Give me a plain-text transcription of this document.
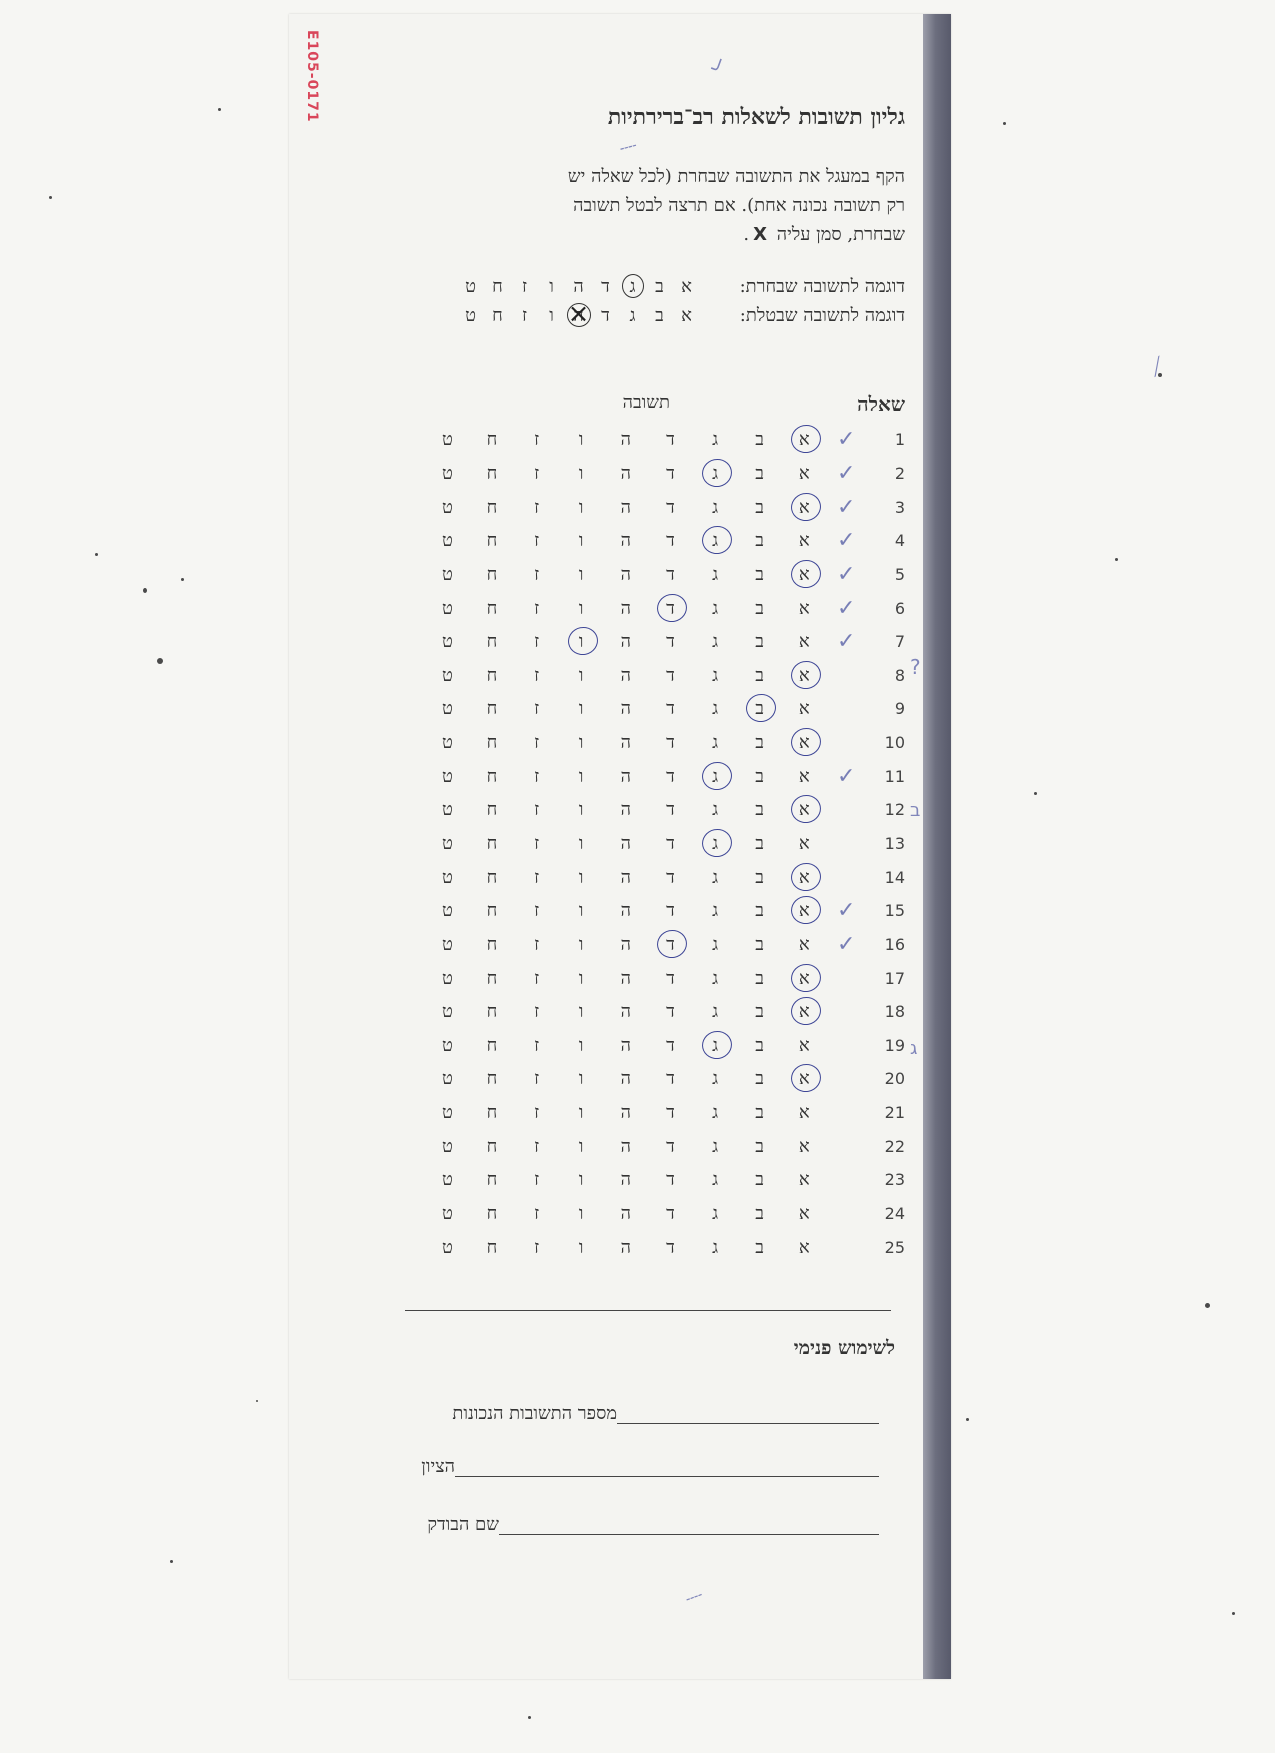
E105-0171	גליון תשובות לשאלות רב־ברירתיות
הקף במעגל את התשובה שבחרת (לכל שאלה יש
רק תשובה נכונה אחת). אם תרצה לבטל תשובה
שבחרת, סמן עליה X.
דוגמה לתשובה שבחרת:אבגדהוזחט
דוגמה לתשובה שבטלת:אבגדה ×וזחט
שאלה
תשובה
1
✓
א
ב
ג
ד
ה
ו
ז
ח
ט
2
✓
א
ב
ג
ד
ה
ו
ז
ח
ט
3
✓
א
ב
ג
ד
ה
ו
ז
ח
ט
4
✓
א
ב
ג
ד
ה
ו
ז
ח
ט
5
✓
א
ב
ג
ד
ה
ו
ז
ח
ט
6
✓
א
ב
ג
ד
ה
ו
ז
ח
ט
7
✓
א
ב
ג
ד
ה
ו
ז
ח
ט
8
א
ב
ג
ד
ה
ו
ז
ח
ט
9
א
ב
ג
ד
ה
ו
ז
ח
ט
10
א
ב
ג
ד
ה
ו
ז
ח
ט
11
✓
א
ב
ג
ד
ה
ו
ז
ח
ט
12
א
ב
ג
ד
ה
ו
ז
ח
ט
13
א
ב
ג
ד
ה
ו
ז
ח
ט
14
א
ב
ג
ד
ה
ו
ז
ח
ט
15
✓
א
ב
ג
ד
ה
ו
ז
ח
ט
16
✓
א
ב
ג
ד
ה
ו
ז
ח
ט
17
א
ב
ג
ד
ה
ו
ז
ח
ט
18
א
ב
ג
ד
ה
ו
ז
ח
ט
19
א
ב
ג
ד
ה
ו
ז
ח
ט
20
א
ב
ג
ד
ה
ו
ז
ח
ט
21
א
ב
ג
ד
ה
ו
ז
ח
ט
22
א
ב
ג
ד
ה
ו
ז
ח
ט
23
א
ב
ג
ד
ה
ו
ז
ח
ט
24
א
ב
ג
ד
ה
ו
ז
ח
ט
25
א
ב
ג
ד
ה
ו
ז
ח
ט
לשימוש פנימי
מספר התשובות הנכונות
הציון
שם הבודק
╯
╌╌
╌╌
⟋
?
ב
ג
